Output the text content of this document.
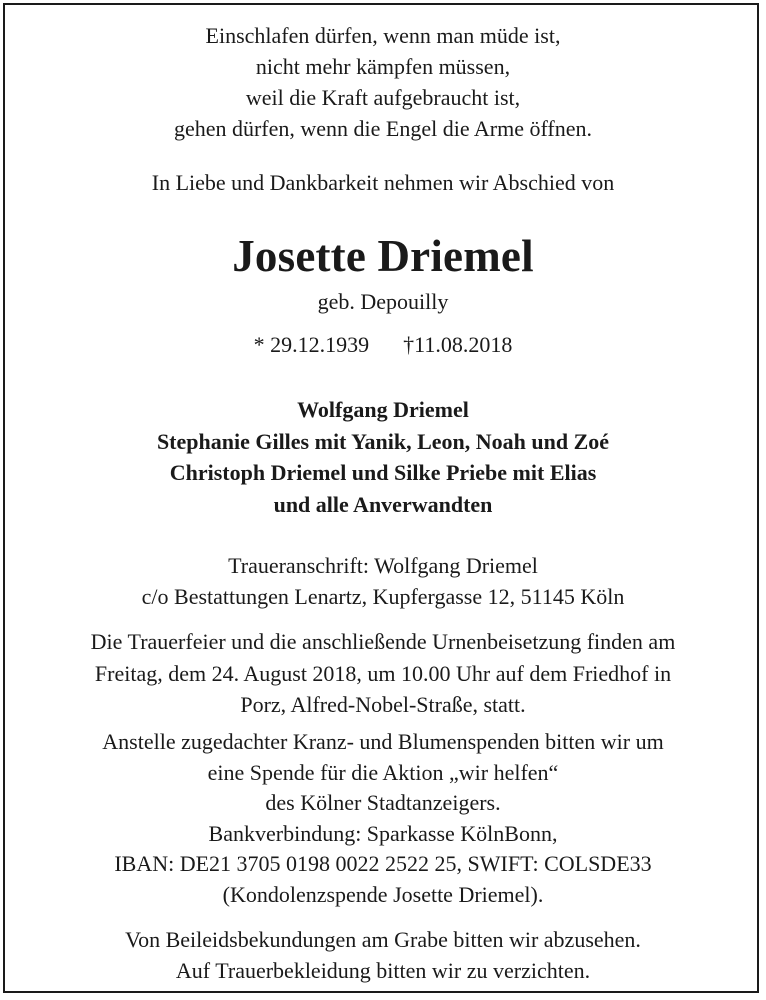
Einschlafen dürfen, wenn man müde ist,
nicht mehr kämpfen müssen,
weil die Kraft aufgebraucht ist,
gehen dürfen, wenn die Engel die Arme öffnen.
In Liebe und Dankbarkeit nehmen wir Abschied von
Josette Driemel
geb. Depouilly
* 29.12.1939 †11.08.2018
Wolfgang Driemel
Stephanie Gilles mit Yanik, Leon, Noah und Zoé
Christoph Driemel und Silke Priebe mit Elias
und alle Anverwandten
Traueranschrift: Wolfgang Driemel
c/o Bestattungen Lenartz, Kupfergasse 12, 51145 Köln
Die Trauerfeier und die anschließende Urnenbeisetzung finden am
Freitag, dem 24. August 2018, um 10.00 Uhr auf dem Friedhof in
Porz, Alfred-Nobel-Straße, statt.
Anstelle zugedachter Kranz- und Blumenspenden bitten wir um
eine Spende für die Aktion „wir helfen“
des Kölner Stadtanzeigers.
Bankverbindung: Sparkasse KölnBonn,
IBAN: DE21 3705 0198 0022 2522 25, SWIFT: COLSDE33
(Kondolenzspende Josette Driemel).
Von Beileidsbekundungen am Grabe bitten wir abzusehen.
Auf Trauerbekleidung bitten wir zu verzichten.
